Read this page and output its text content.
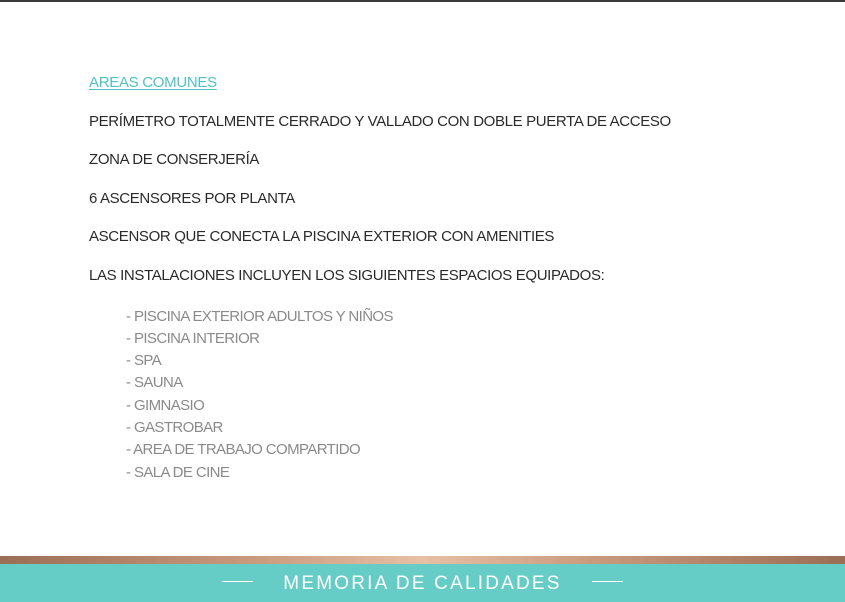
AREAS COMUNES
PERÍMETRO TOTALMENTE CERRADO Y VALLADO CON DOBLE PUERTA DE ACCESO
ZONA DE CONSERJERÍA
6 ASCENSORES POR PLANTA
ASCENSOR QUE CONECTA LA PISCINA EXTERIOR CON AMENITIES
LAS INSTALACIONES INCLUYEN LOS SIGUIENTES ESPACIOS EQUIPADOS:
- PISCINA EXTERIOR ADULTOS Y NIÑOS
- PISCINA INTERIOR
- SPA
- SAUNA
- GIMNASIO
- GASTROBAR
- AREA DE TRABAJO COMPARTIDO
- SALA DE CINE
MEMORIA DE CALIDADES
